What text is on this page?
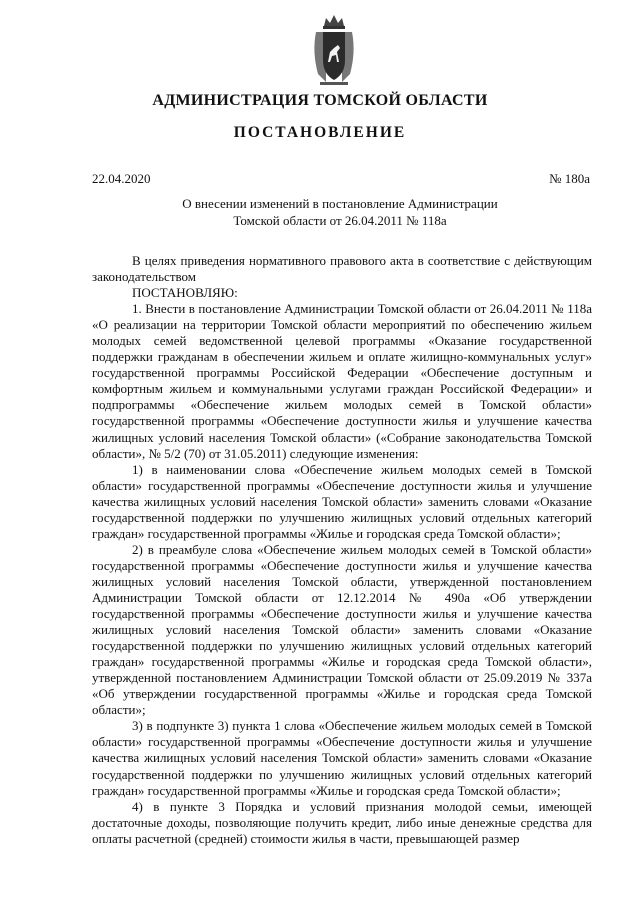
АДМИНИСТРАЦИЯ ТОМСКОЙ ОБЛАСТИ
ПОСТАНОВЛЕНИЕ
22.04.2020	№ 180а
О внесении изменений в постановление Администрации
Томской области от 26.04.2011 № 118а

В целях приведения нормативного правового акта в соответствие с действующим законодательством

ПОСТАНОВЛЯЮ:

1. Внести в постановление Администрации Томской области от 26.04.2011 № 118а «О реализации на территории Томской области мероприятий по обеспечению жильем молодых семей ведомственной целевой программы «Оказание государственной поддержки гражданам в обеспечении жильем и оплате жилищно-коммунальных услуг» государственной программы Российской Федерации «Обеспечение доступным и комфортным жильем и коммунальными услугами граждан Российской Федерации» и подпрограммы «Обеспечение жильем молодых семей в Томской области» государственной программы «Обеспечение доступности жилья и улучшение качества жилищных условий населения Томской области» («Собрание законодательства Томской области», № 5/2 (70) от 31.05.2011) следующие изменения:

1) в наименовании слова «Обеспечение жильем молодых семей в Томской области» государственной программы «Обеспечение доступности жилья и улучшение качества жилищных условий населения Томской области» заменить словами «Оказание государственной поддержки по улучшению жилищных условий отдельных категорий граждан» государственной программы «Жилье и городская среда Томской области»;

2) в преамбуле слова «Обеспечение жильем молодых семей в Томской области» государственной программы «Обеспечение доступности жилья и улучшение качества жилищных условий населения Томской области, утвержденной постановлением Администрации Томской области от 12.12.2014 № 490а «Об утверждении государственной программы «Обеспечение доступности жилья и улучшение качества жилищных условий населения Томской области» заменить словами «Оказание государственной поддержки по улучшению жилищных условий отдельных категорий граждан» государственной программы «Жилье и городская среда Томской области», утвержденной постановлением Администрации Томской области от 25.09.2019 № 337а «Об утверждении государственной программы «Жилье и городская среда Томской области»;

3) в подпункте 3) пункта 1 слова «Обеспечение жильем молодых семей в Томской области» государственной программы «Обеспечение доступности жилья и улучшение качества жилищных условий населения Томской области» заменить словами «Оказание государственной поддержки по улучшению жилищных условий отдельных категорий граждан» государственной программы «Жилье и городская среда Томской области»;

4) в пункте 3 Порядка и условий признания молодой семьи, имеющей достаточные доходы, позволяющие получить кредит, либо иные денежные средства для оплаты расчетной (средней) стоимости жилья в части, превышающей размер
